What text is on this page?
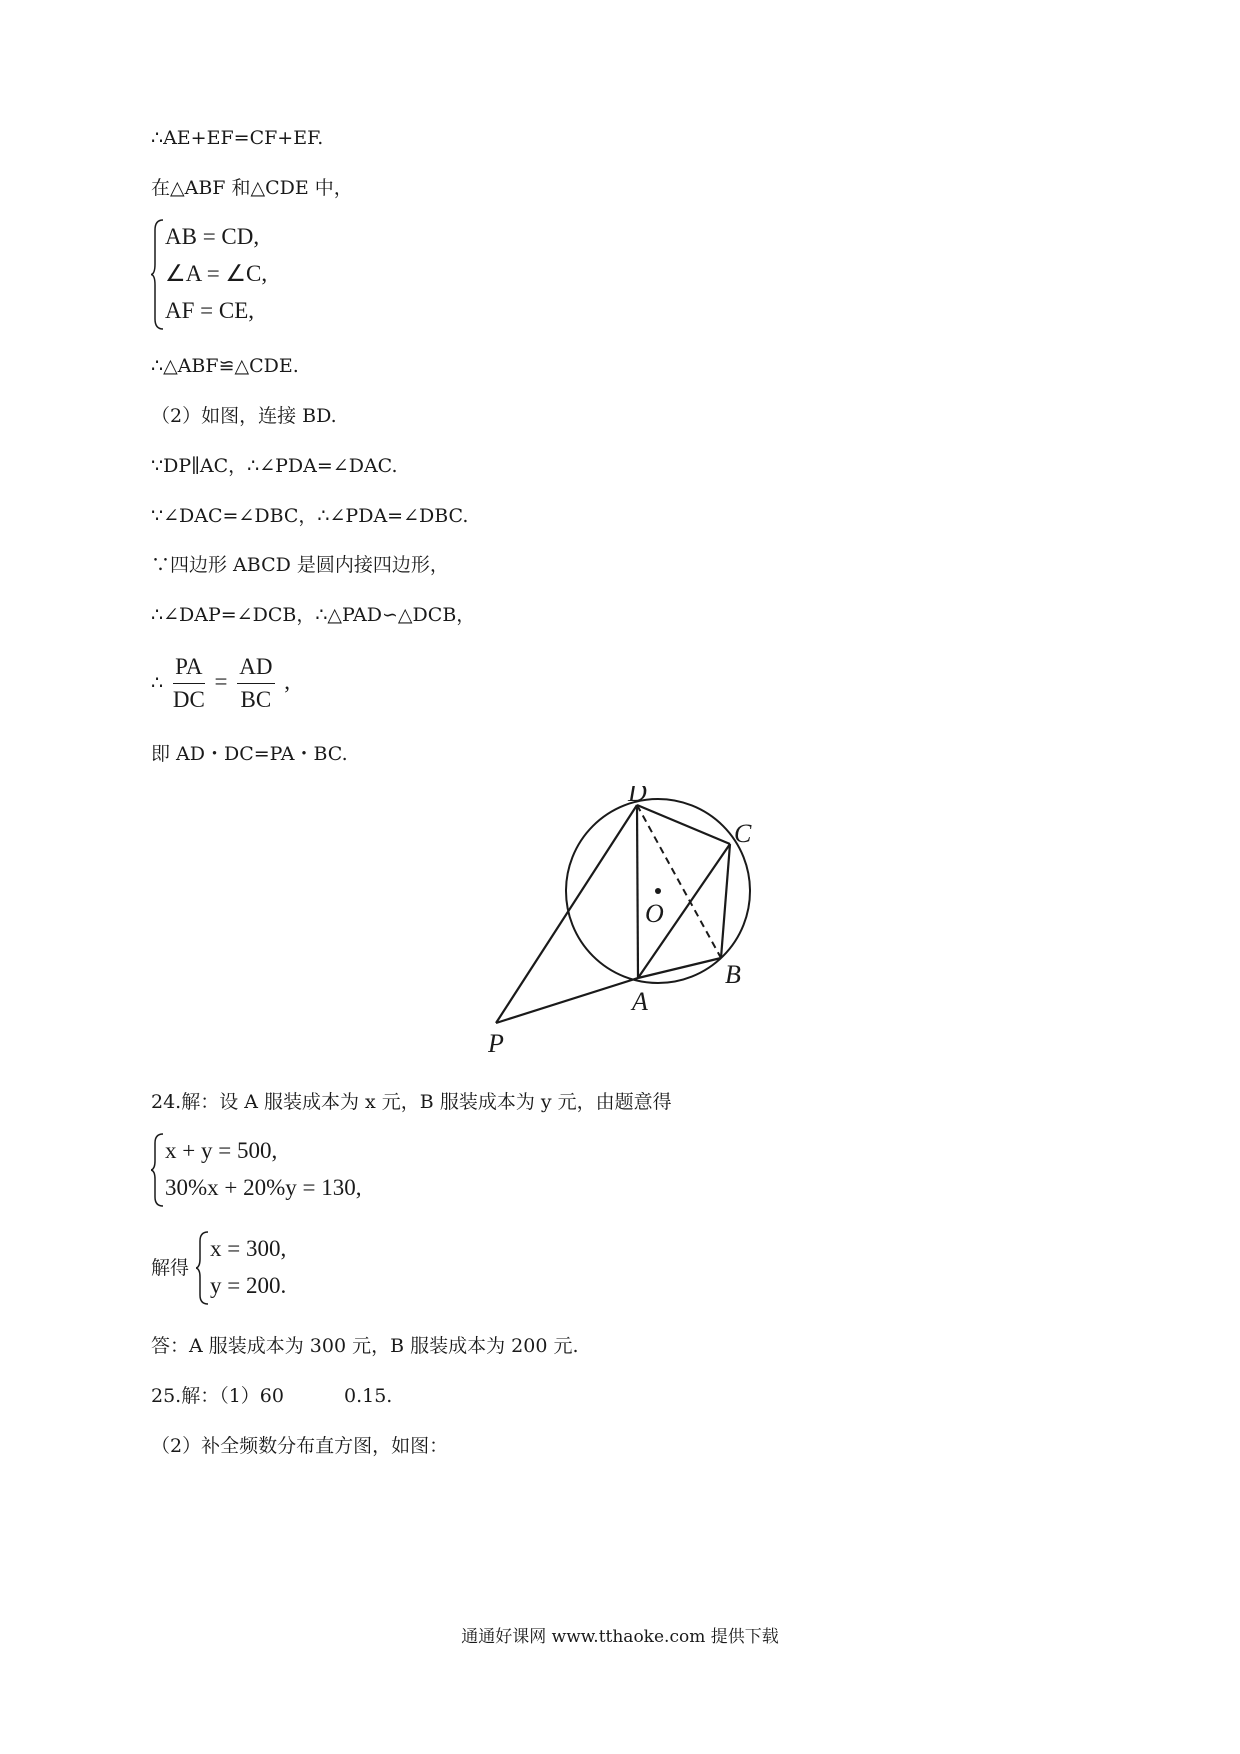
∴AE+EF=CF+EF.
在△ABF 和△CDE 中，
AB = CD,
∠A = ∠C,
AF = CE,
∴△ABF≌△CDE.
（2）如图，连接 BD.
∵DP∥AC，∴∠PDA=∠DAC.
∵∠DAC=∠DBC，∴∠PDA=∠DBC.
∵四边形 ABCD 是圆内接四边形，
∴∠DAP=∠DCB，∴△PAD∽△DCB，
∴ $\frac{PA}{DC} = \frac{AD}{BC}$ ,
即 AD・DC=PA・BC.
D
C
O
B
A
P
24.解：设 A 服装成本为 x 元，B 服装成本为 y 元，由题意得
x + y = 500,
30%x + 20%y = 130,
解得
x = 300,
y = 200.
答：A 服装成本为 300 元，B 服装成本为 200 元.
25.解：（1）60	0.15.
（2）补全频数分布直方图，如图：
通通好课网 www.tthaoke.com 提供下载
